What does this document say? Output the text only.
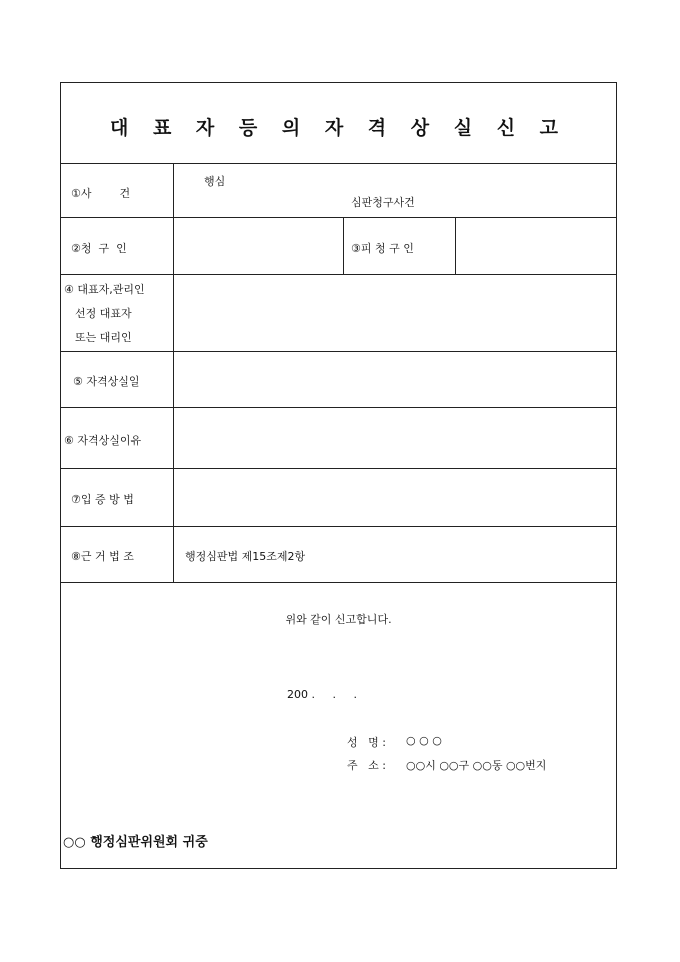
대 표 자 등 의 자 격 상 실 신 고
①사        건
행심
심판청구사건
②청  구  인	③피 청 구 인
④ 대표자,관리인
선정 대표자
또는 대리인
⑤ 자격상실일
⑥ 자격상실이유
⑦입 증 방 법
⑧근 거 법 조	행정심판법 제15조제2항
위와 같이 신고합니다.
200 .     .     .
성   명 : ○ ○ ○
주   소 : ○○시 ○○구 ○○동 ○○번지
○○ 행정심판위원회 귀중
